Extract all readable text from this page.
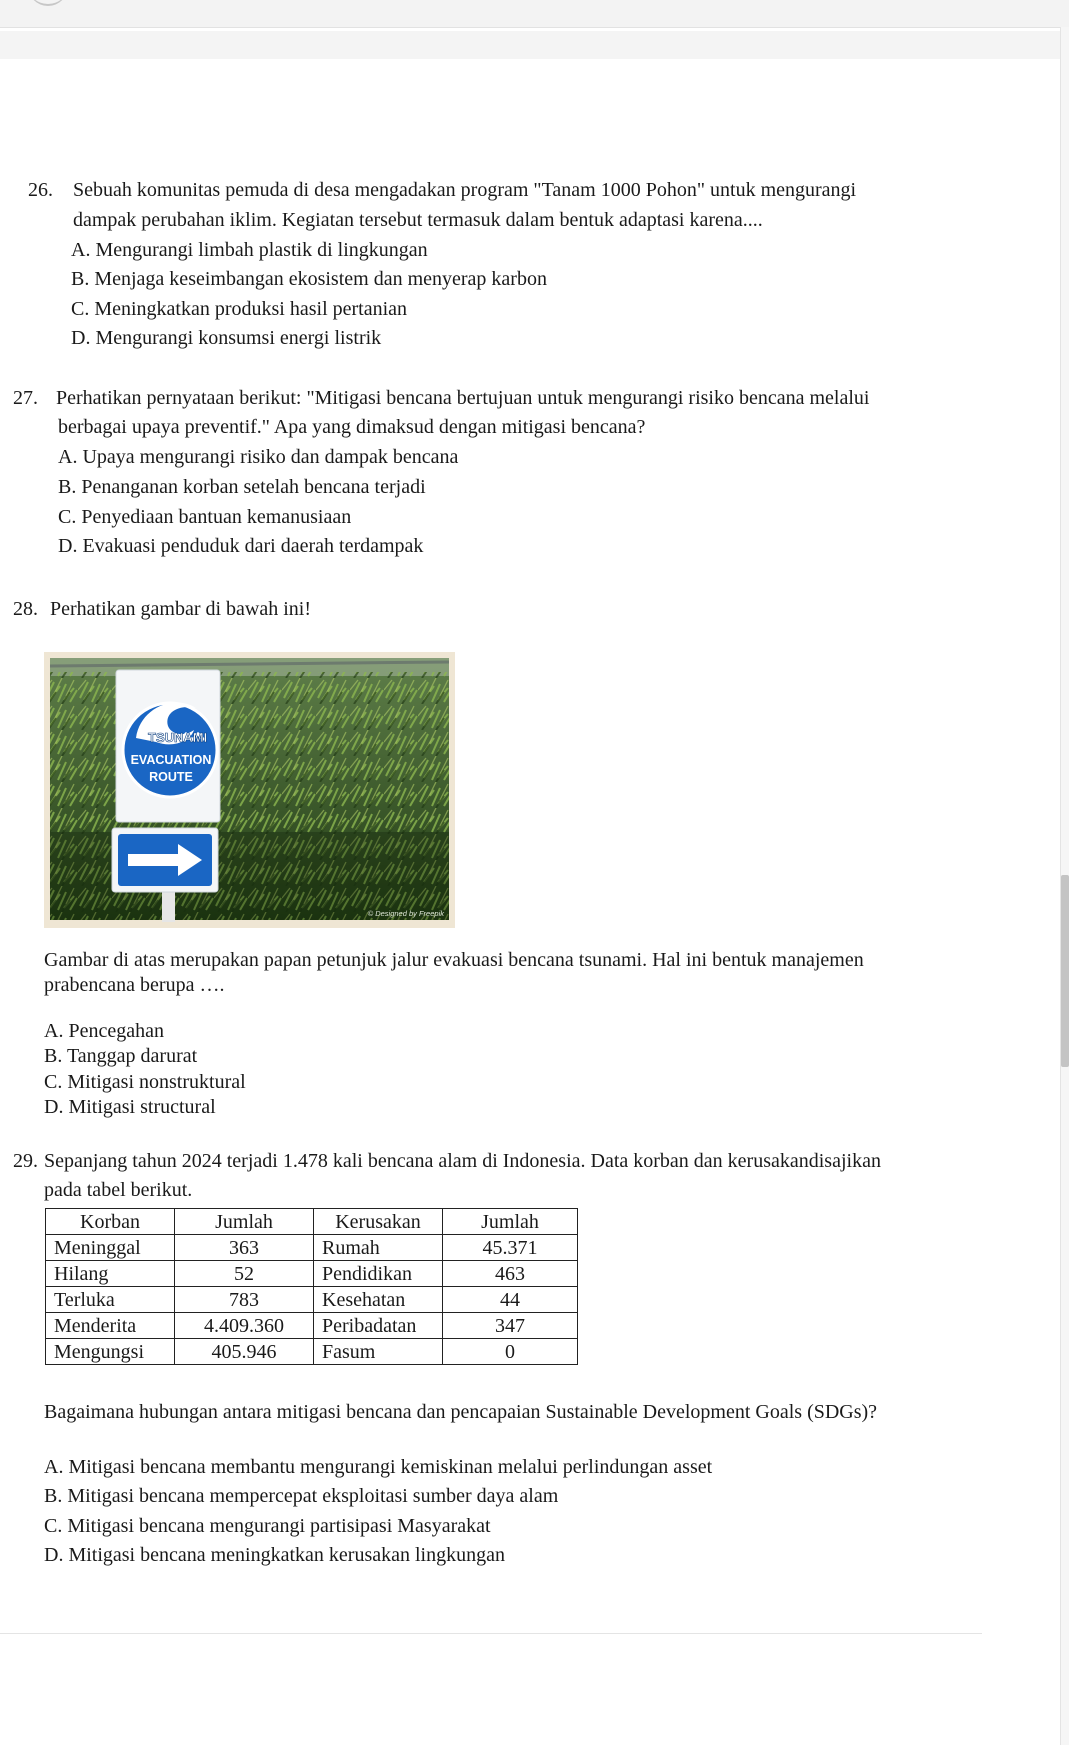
26. Sebuah komunitas pemuda di desa mengadakan program "Tanam 1000 Pohon" untuk mengurangi
dampak perubahan iklim. Kegiatan tersebut termasuk dalam bentuk adaptasi karena....
A. Mengurangi limbah plastik di lingkungan
B. Menjaga keseimbangan ekosistem dan menyerap karbon
C. Meningkatkan produksi hasil pertanian
D. Mengurangi konsumsi energi listrik
27. Perhatikan pernyataan berikut: "Mitigasi bencana bertujuan untuk mengurangi risiko bencana melalui
berbagai upaya preventif." Apa yang dimaksud dengan mitigasi bencana?
A. Upaya mengurangi risiko dan dampak bencana
B. Penanganan korban setelah bencana terjadi
C. Penyediaan bantuan kemanusiaan
D. Evakuasi penduduk dari daerah terdampak
28. Perhatikan gambar di bawah ini!
TSUNAMI
EVACUATION
ROUTE
© Designed by Freepik
Gambar di atas merupakan papan petunjuk jalur evakuasi bencana tsunami. Hal ini bentuk manajemen
prabencana berupa ….
A. Pencegahan
B. Tanggap darurat
C. Mitigasi nonstruktural
D. Mitigasi structural
29. Sepanjang tahun 2024 terjadi 1.478 kali bencana alam di Indonesia. Data korban dan kerusakandisajikan
pada tabel berikut.
Korban	Jumlah	Kerusakan	Jumlah
Meninggal	363	Rumah	45.371
Hilang	52	Pendidikan	463
Terluka	783	Kesehatan	44
Menderita	4.409.360	Peribadatan	347
Mengungsi	405.946	Fasum	0
Bagaimana hubungan antara mitigasi bencana dan pencapaian Sustainable Development Goals (SDGs)?
A. Mitigasi bencana membantu mengurangi kemiskinan melalui perlindungan asset
B. Mitigasi bencana mempercepat eksploitasi sumber daya alam
C. Mitigasi bencana mengurangi partisipasi Masyarakat
D. Mitigasi bencana meningkatkan kerusakan lingkungan
